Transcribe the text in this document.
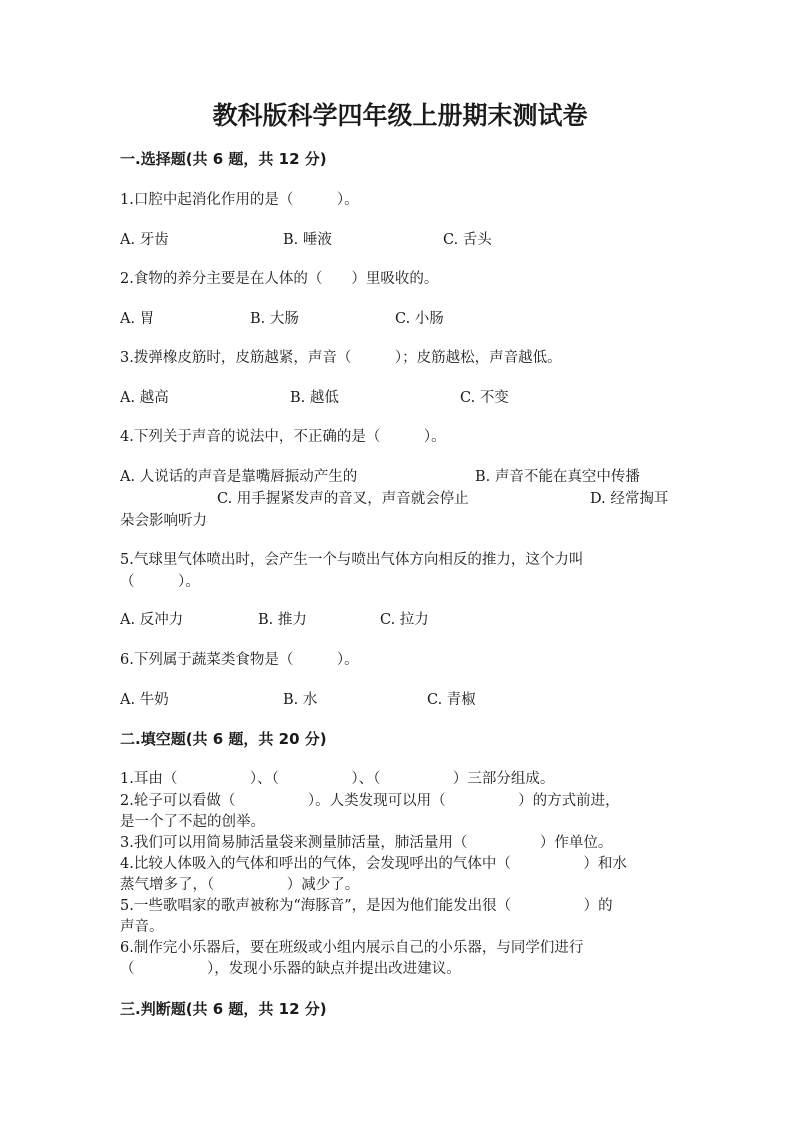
教科版科学四年级上册期末测试卷
一.选择题(共 6 题，共 12 分)
1.口腔中起消化作用的是（　　　）。
A. 牙齿	B. 唾液	C. 舌头
2.食物的养分主要是在人体的（　　）里吸收的。
A. 胃	B. 大肠	C. 小肠
3.拨弹橡皮筋时，皮筋越紧，声音（　　　）；皮筋越松，声音越低。
A. 越高	B. 越低	C. 不变
4.下列关于声音的说法中，不正确的是（　　　）。
A. 人说话的声音是靠嘴唇振动产生的	B. 声音不能在真空中传播
C. 用手握紧发声的音叉，声音就会停止	D. 经常掏耳
朵会影响听力
5.气球里气体喷出时，会产生一个与喷出气体方向相反的推力，这个力叫
（　　　）。
A. 反冲力	B. 推力	C. 拉力
6.下列属于蔬菜类食物是（　　　）。
A. 牛奶	B. 水	C. 青椒
二.填空题(共 6 题，共 20 分)
1.耳由（　　　　　）、（　　　　　）、（　　　　　）三部分组成。
2.轮子可以看做（　　　　　）。人类发现可以用（　　　　　）的方式前进，
是一个了不起的创举。
3.我们可以用简易肺活量袋来测量肺活量，肺活量用（　　　　　）作单位。
4.比较人体吸入的气体和呼出的气体，会发现呼出的气体中（　　　　　）和水
蒸气增多了，（　　　　　）减少了。
5.一些歌唱家的歌声被称为“海豚音”，是因为他们能发出很（　　　　　）的
声音。
6.制作完小乐器后，要在班级或小组内展示自己的小乐器，与同学们进行
（　　　　　），发现小乐器的缺点并提出改进建议。
三.判断题(共 6 题，共 12 分)
